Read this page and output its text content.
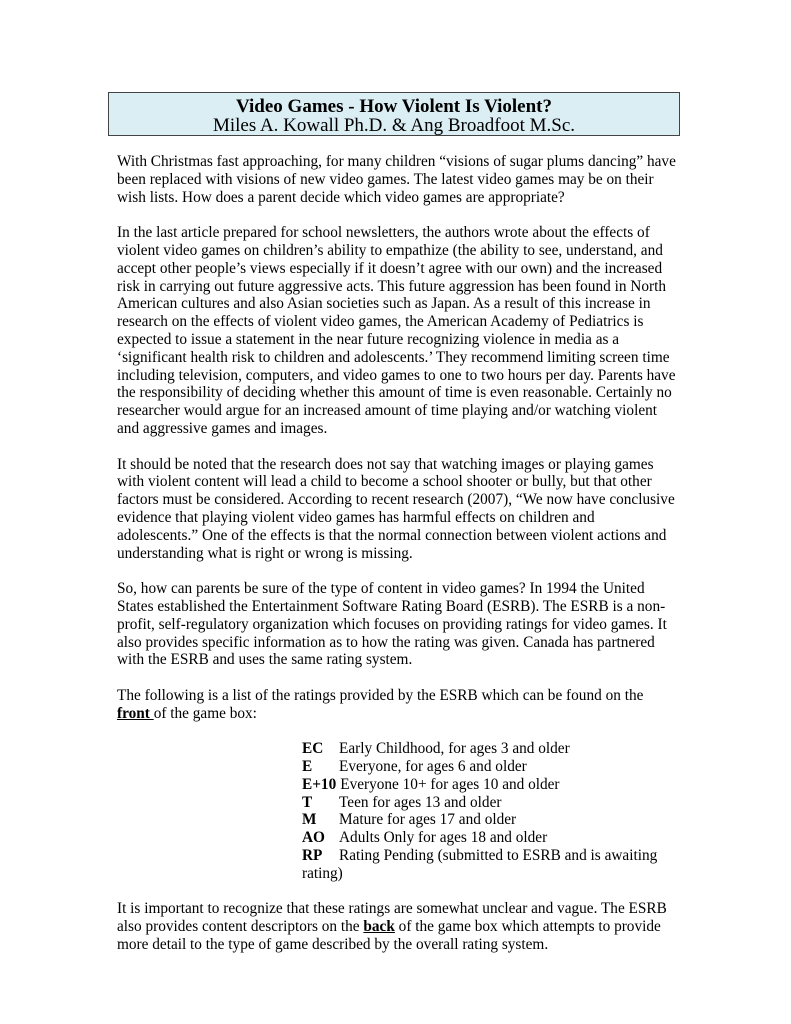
Video Games - How Violent Is Violent?
Miles A. Kowall Ph.D. & Ang Broadfoot M.Sc.

With Christmas fast approaching, for many children “visions of sugar plums dancing” have been replaced with visions of new video games. The latest video games may be on their wish lists. How does a parent decide which video games are appropriate?

In the last article prepared for school newsletters, the authors wrote about the effects of violent video games on children’s ability to empathize (the ability to see, understand, and accept other people’s views especially if it doesn’t agree with our own) and the increased risk in carrying out future aggressive acts. This future aggression has been found in North American cultures and also Asian societies such as Japan. As a result of this increase in research on the effects of violent video games, the American Academy of Pediatrics is expected to issue a statement in the near future recognizing violence in media as a ‘significant health risk to children and adolescents.’ They recommend limiting screen time including television, computers, and video games to one to two hours per day. Parents have the responsibility of deciding whether this amount of time is even reasonable. Certainly no researcher would argue for an increased amount of time playing and/or watching violent and aggressive games and images.

It should be noted that the research does not say that watching images or playing games with violent content will lead a child to become a school shooter or bully, but that other factors must be considered. According to recent research (2007), “We now have conclusive evidence that playing violent video games has harmful effects on children and adolescents.” One of the effects is that the normal connection between violent actions and understanding what is right or wrong is missing.

So, how can parents be sure of the type of content in video games? In 1994 the United States established the Entertainment Software Rating Board (ESRB). The ESRB is a non-profit, self-regulatory organization which focuses on providing ratings for video games. It also provides specific information as to how the rating was given. Canada has partnered with the ESRB and uses the same rating system.

The following is a list of the ratings provided by the ESRB which can be found on the front of the game box:

EC Early Childhood, for ages 3 and older
E Everyone, for ages 6 and older
E+10 Everyone 10+ for ages 10 and older
T Teen for ages 13 and older
M Mature for ages 17 and older
AO Adults Only for ages 18 and older
RP Rating Pending (submitted to ESRB and is awaiting rating)

It is important to recognize that these ratings are somewhat unclear and vague. The ESRB also provides content descriptors on the back of the game box which attempts to provide more detail to the type of game described by the overall rating system.
